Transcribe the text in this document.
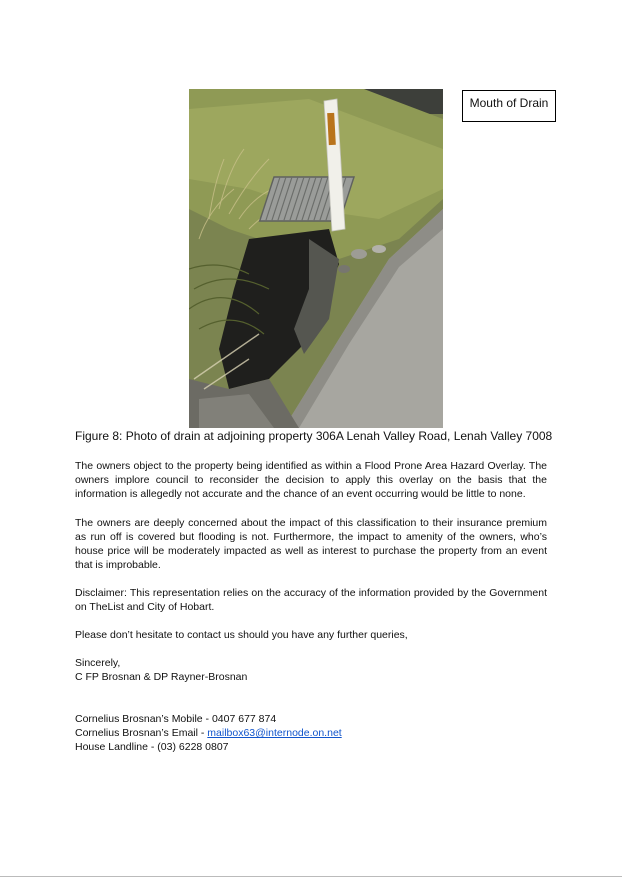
Mouth of Drain
Figure 8: Photo of drain at adjoining property 306A Lenah Valley Road, Lenah Valley 7008

The owners object to the property being identified as within a Flood Prone Area Hazard Overlay. The owners implore council to reconsider the decision to apply this overlay on the basis that the information is allegedly not accurate and the chance of an event occurring would be little to none.

The owners are deeply concerned about the impact of this classification to their insurance premium as run off is covered but flooding is not. Furthermore, the impact to amenity of the owners, who’s house price will be moderately impacted as well as interest to purchase the property from an event that is improbable.

Disclaimer: This representation relies on the accuracy of the information provided by the Government on TheList and City of Hobart.

Please don’t hesitate to contact us should you have any further queries,

Sincerely,

C FP Brosnan & DP Rayner-Brosnan

Cornelius Brosnan’s Mobile - 0407 677 874

Cornelius Brosnan’s Email - mailbox63@internode.on.net

House Landline - (03) 6228 0807
